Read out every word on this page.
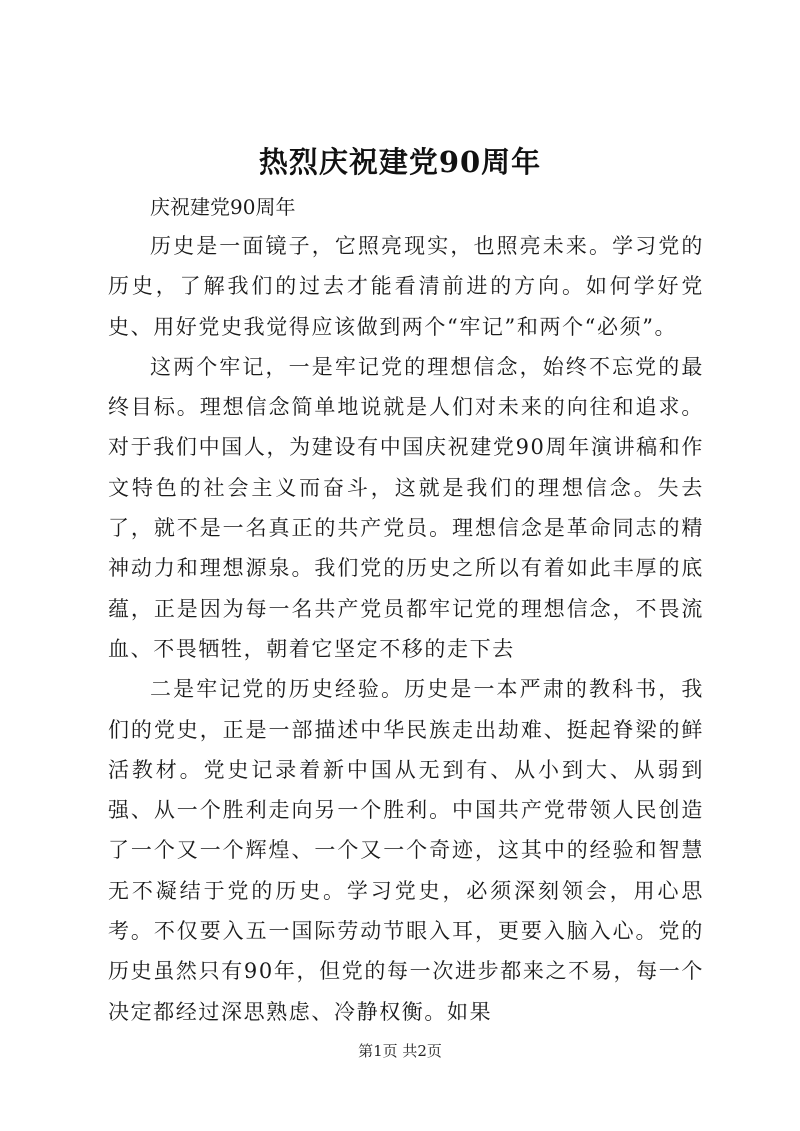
热烈庆祝建党90周年

庆祝建党90周年

历史是一面镜子，它照亮现实，也照亮未来。学习党的历史，了解我们的过去才能看清前进的方向。如何学好党史、用好党史我觉得应该做到两个“牢记”和两个“必须”。

这两个牢记，一是牢记党的理想信念，始终不忘党的最终目标。理想信念简单地说就是人们对未来的向往和追求。对于我们中国人，为建设有中国庆祝建党90周年演讲稿和作文特色的社会主义而奋斗，这就是我们的理想信念。失去了，就不是一名真正的共产党员。理想信念是革命同志的精神动力和理想源泉。我们党的历史之所以有着如此丰厚的底蕴，正是因为每一名共产党员都牢记党的理想信念，不畏流血、不畏牺牲，朝着它坚定不移的走下去

二是牢记党的历史经验。历史是一本严肃的教科书，我们的党史，正是一部描述中华民族走出劫难、挺起脊梁的鲜活教材。党史记录着新中国从无到有、从小到大、从弱到强、从一个胜利走向另一个胜利。中国共产党带领人民创造了一个又一个辉煌、一个又一个奇迹，这其中的经验和智慧无不凝结于党的历史。学习党史，必须深刻领会，用心思考。不仅要入五一国际劳动节眼入耳，更要入脑入心。党的历史虽然只有90年，但党的每一次进步都来之不易，每一个决定都经过深思熟虑、冷静权衡。如果

第1页 共2页
